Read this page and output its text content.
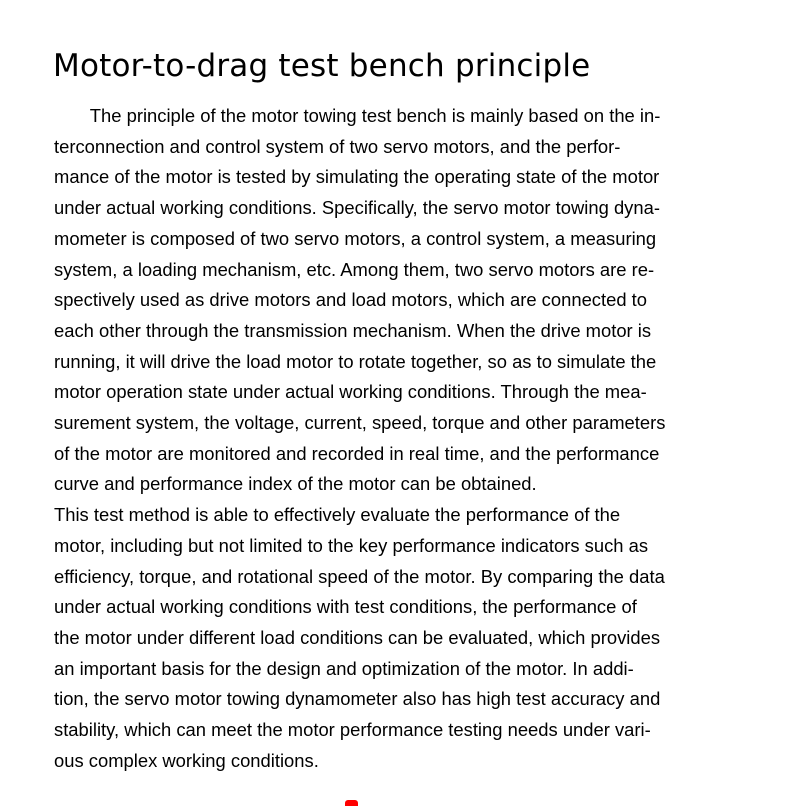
Motor-to-drag test bench principle
The principle of the motor towing test bench is mainly based on the in-
terconnection and control system of two servo motors, and the perfor-
mance of the motor is tested by simulating the operating state of the motor
under actual working conditions. Specifically, the servo motor towing dyna-
mometer is composed of two servo motors, a control system, a measuring
system, a loading mechanism, etc. Among them, two servo motors are re-
spectively used as drive motors and load motors, which are connected to
each other through the transmission mechanism. When the drive motor is
running, it will drive the load motor to rotate together, so as to simulate the
motor operation state under actual working conditions. Through the mea-
surement system, the voltage, current, speed, torque and other parameters
of the motor are monitored and recorded in real time, and the performance
curve and performance index of the motor can be obtained.
This test method is able to effectively evaluate the performance of the
motor, including but not limited to the key performance indicators such as
efficiency, torque, and rotational speed of the motor. By comparing the data
under actual working conditions with test conditions, the performance of
the motor under different load conditions can be evaluated, which provides
an important basis for the design and optimization of the motor. In addi-
tion, the servo motor towing dynamometer also has high test accuracy and
stability, which can meet the motor performance testing needs under vari-
ous complex working conditions.
